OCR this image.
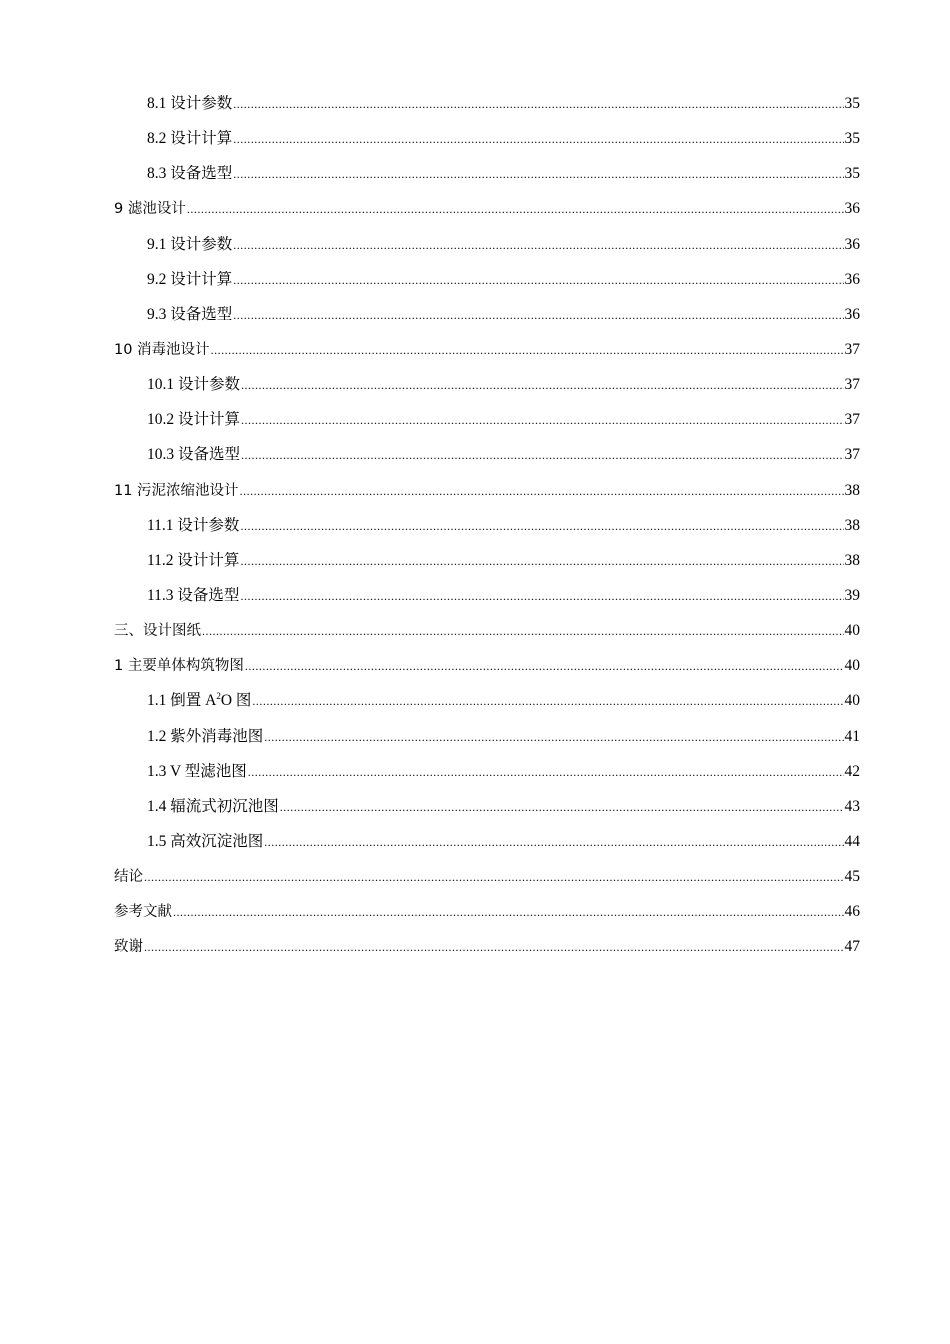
8.1 设计参数 .....	35
8.2 设计计算 .....	35
8.3 设备选型 .....	35
9 滤池设计 .....	36
9.1 设计参数 .....	36
9.2 设计计算 .....	36
9.3 设备选型 .....	36
10 消毒池设计 .....	37
10.1 设计参数 .....	37
10.2 设计计算 .....	37
10.3 设备选型 .....	37
11 污泥浓缩池设计 .....	38
11.1 设计参数 .....	38
11.2 设计计算 .....	38
11.3 设备选型 .....	39
三、设计图纸 .....	40
1 主要单体构筑物图 .....	40
1.1 倒置 $A^2O$ 图 .....	40
1.2 紫外消毒池图 .....	41
1.3 V 型滤池图 .....	42
1.4 辐流式初沉池图 .....	43
1.5 高效沉淀池图 .....	44
结论 .....	45
参考文献 .....	46
致谢 .....	47
